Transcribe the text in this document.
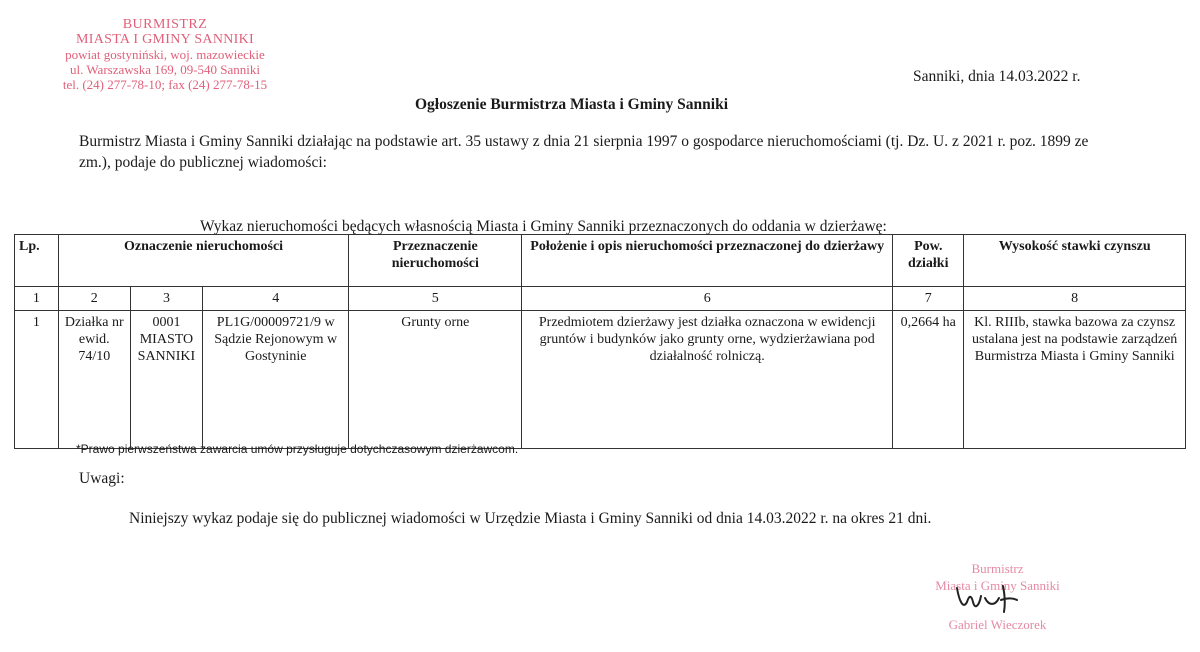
BURMISTRZ
MIASTA I GMINY SANNIKI
powiat gostyniński, woj. mazowieckie
ul. Warszawska 169, 09-540 Sanniki
tel. (24) 277-78-10; fax (24) 277-78-15	Sanniki, dnia 14.03.2022 r.
Ogłoszenie Burmistrza Miasta i Gminy Sanniki
Burmistrz Miasta i Gminy Sanniki działając na podstawie art. 35 ustawy z dnia 21 sierpnia 1997 o gospodarce nieruchomościami (tj. Dz. U. z 2021 r. poz. 1899 ze zm.), podaje do publicznej wiadomości:
Wykaz nieruchomości będących własnością Miasta i Gminy Sanniki przeznaczonych do oddania w dzierżawę:
Lp.	Oznaczenie nieruchomości			Przeznaczenie nieruchomości	Położenie i opis nieruchomości przeznaczonej do dzierżawy	Pow. działki	Wysokość stawki czynszu
1	2	3	4	5	6	7	8
1	Działka nr ewid. 74/10	0001 MIASTO SANNIKI	PL1G/00009721/9 w Sądzie Rejonowym w Gostyninie	Grunty orne	Przedmiotem dzierżawy jest działka oznaczona w ewidencji gruntów i budynków jako grunty orne, wydzierżawiana pod działalność rolniczą.	0,2664 ha	Kl. RIIIb, stawka bazowa za czynsz ustalana jest na podstawie zarządzeń Burmistrza Miasta i Gminy Sanniki
*Prawo pierwszeństwa zawarcia umów przysługuje dotychczasowym dzierżawcom.
Uwagi:
Niniejszy wykaz podaje się do publicznej wiadomości w Urzędzie Miasta i Gminy Sanniki od dnia 14.03.2022 r. na okres 21 dni.
Burmistrz
Miasta i Gminy Sanniki
Gabriel Wieczorek
